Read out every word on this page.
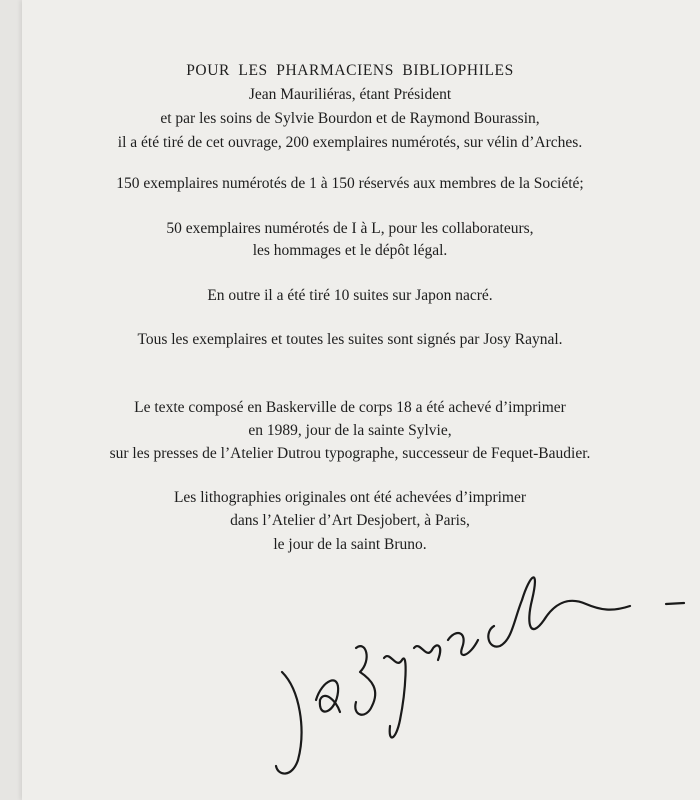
POUR LES PHARMACIENS BIBLIOPHILES
Jean Mauriliéras, étant Président
et par les soins de Sylvie Bourdon et de Raymond Bourassin,
il a été tiré de cet ouvrage, 200 exemplaires numérotés, sur vélin d’Arches.
150 exemplaires numérotés de 1 à 150 réservés aux membres de la Société;
50 exemplaires numérotés de I à L, pour les collaborateurs,
les hommages et le dépôt légal.
En outre il a été tiré 10 suites sur Japon nacré.
Tous les exemplaires et toutes les suites sont signés par Josy Raynal.
Le texte composé en Baskerville de corps 18 a été achevé d’imprimer
en 1989, jour de la sainte Sylvie,
sur les presses de l’Atelier Dutrou typographe, successeur de Fequet-Baudier.
Les lithographies originales ont été achevées d’imprimer
dans l’Atelier d’Art Desjobert, à Paris,
le jour de la saint Bruno.
